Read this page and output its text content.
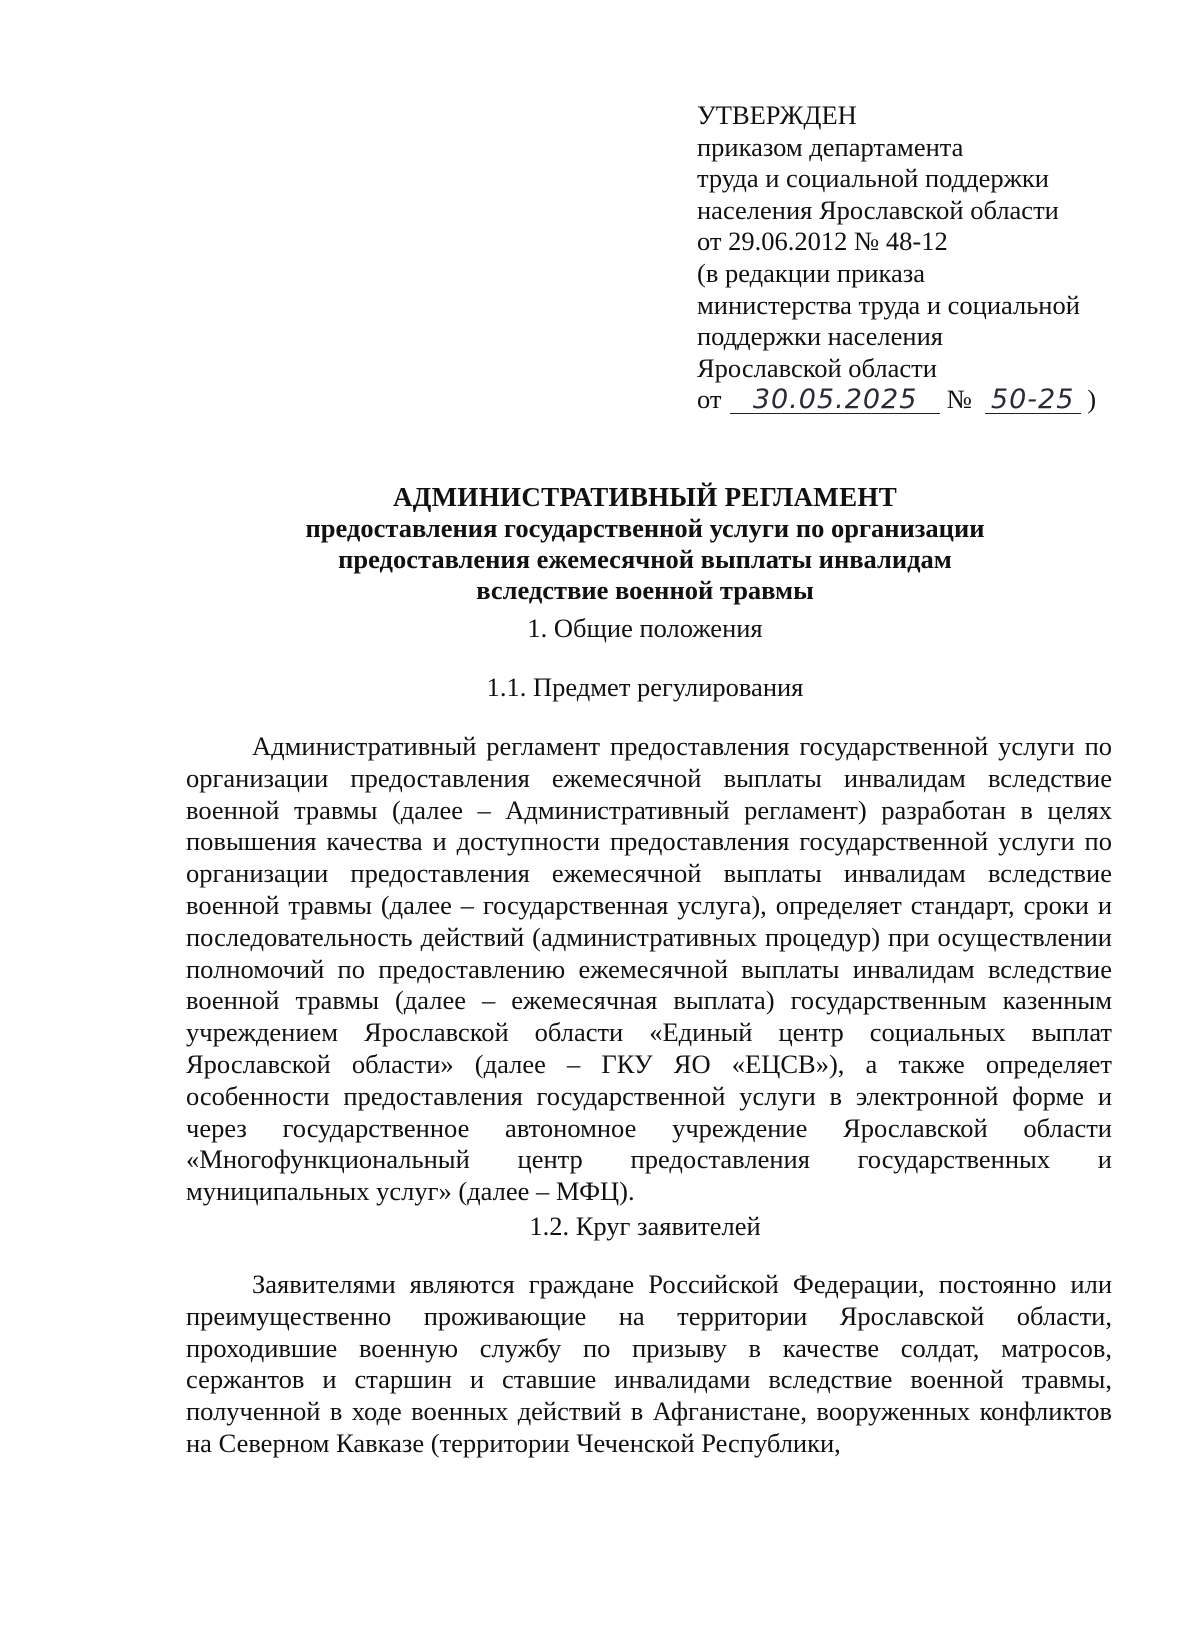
УТВЕРЖДЕН
приказом департамента
труда и социальной поддержки
населения Ярославской области
от 29.06.2012 № 48-12
(в редакции приказа
министерства труда и социальной
поддержки населения
Ярославской области
от 30.05.2025 № 50-25 )
АДМИНИСТРАТИВНЫЙ РЕГЛАМЕНТ
предоставления государственной услуги по организации
предоставления ежемесячной выплаты инвалидам
вследствие военной травмы
1. Общие положения
1.1. Предмет регулирования
Административный регламент предоставления государственной услуги по организации предоставления ежемесячной выплаты инвалидам вследствие военной травмы (далее – Административный регламент) разработан в целях повышения качества и доступности предоставления государственной услуги по организации предоставления ежемесячной выплаты инвалидам вследствие военной травмы (далее – государственная услуга), определяет стандарт, сроки и последовательность действий (административных процедур) при осуществлении полномочий по предоставлению ежемесячной выплаты инвалидам вследствие военной травмы (далее – ежемесячная выплата) государственным казенным учреждением Ярославской области «Единый центр социальных выплат Ярославской области» (далее – ГКУ ЯО «ЕЦСВ»), а также определяет особенности предоставления государственной услуги в электронной форме и через государственное автономное учреждение Ярославской области «Многофункциональный центр предоставления государственных и муниципальных услуг» (далее – МФЦ).
1.2. Круг заявителей
Заявителями являются граждане Российской Федерации, постоянно или преимущественно проживающие на территории Ярославской области, проходившие военную службу по призыву в качестве солдат, матросов, сержантов и старшин и ставшие инвалидами вследствие военной травмы, полученной в ходе военных действий в Афганистане, вооруженных конфликтов на Северном Кавказе (территории Чеченской Республики,
